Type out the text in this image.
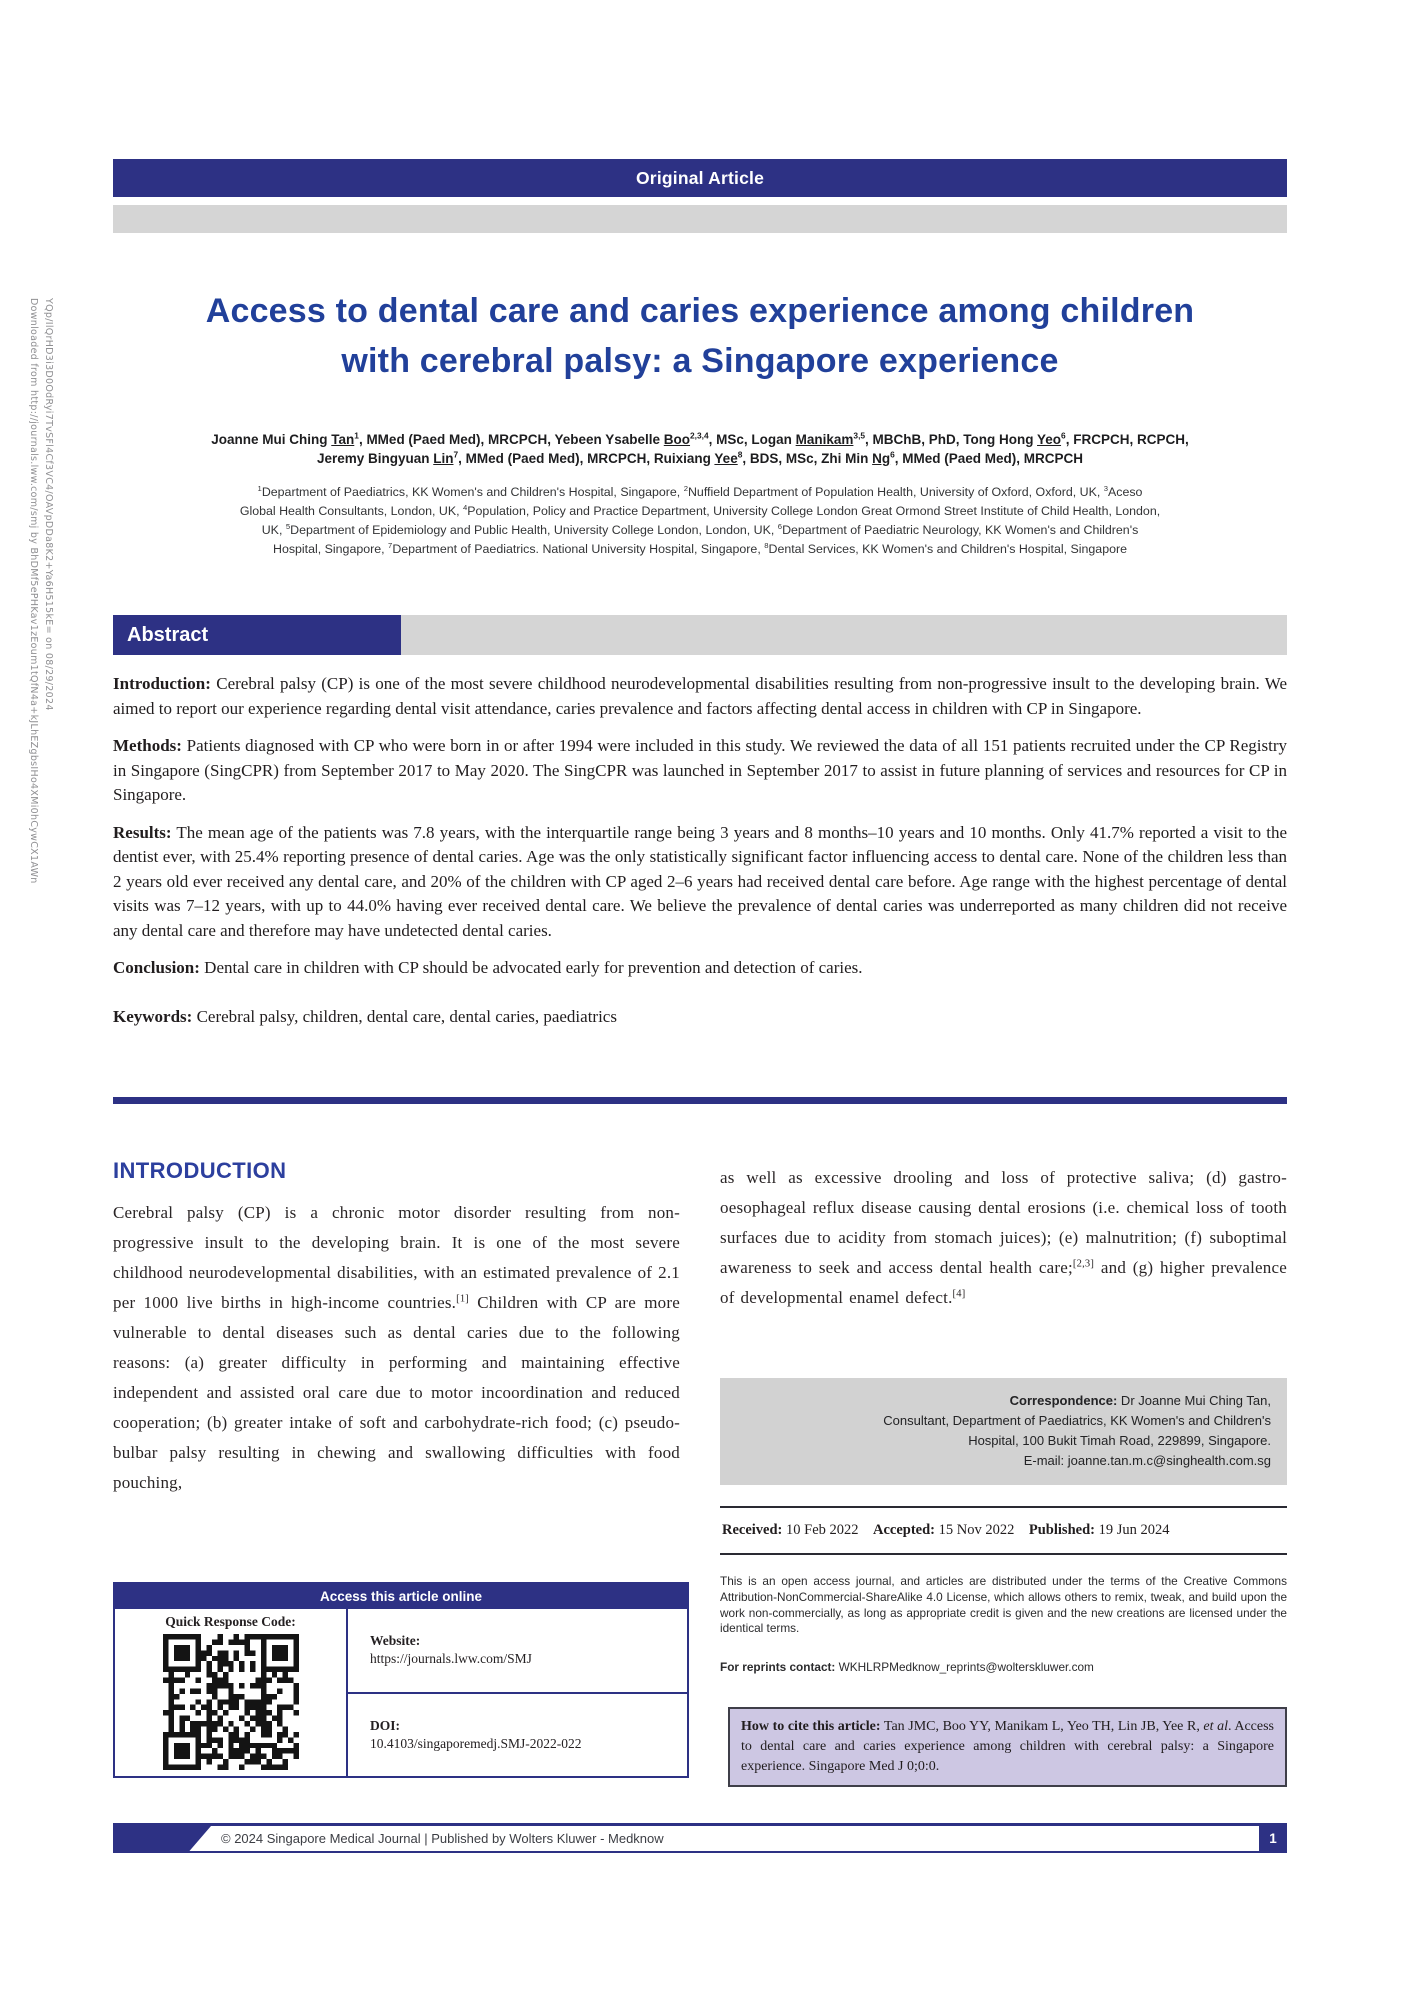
Downloaded from http://journals.lww.com/smj by BhDMf5ePHKav1zEoum1tQfN4a+kJLhEZgbsIHo4XMi0hCywCX1AWn YQp/IlQrHD3i3D0OdRyi7TvSFl4Cf3VC4/OAVpDDa8K2+Ya6H515kE= on 08/29/2024
Original Article
Access to dental care and caries experience among children
with cerebral palsy: a Singapore experience
Joanne Mui Ching Tan$^1$, MMed (Paed Med), MRCPCH, Yebeen Ysabelle Boo$^{2,3,4}$, MSc, Logan Manikam$^{3,5}$, MBChB, PhD, Tong Hong Yeo$^6$, FRCPCH, RCPCH,
Jeremy Bingyuan Lin$^7$, MMed (Paed Med), MRCPCH, Ruixiang Yee$^8$, BDS, MSc, Zhi Min Ng$^6$, MMed (Paed Med), MRCPCH
$^1$Department of Paediatrics, KK Women's and Children's Hospital, Singapore, $^2$Nuffield Department of Population Health, University of Oxford, Oxford, UK, $^3$Aceso
Global Health Consultants, London, UK, $^4$Population, Policy and Practice Department, University College London Great Ormond Street Institute of Child Health, London,
UK, $^5$Department of Epidemiology and Public Health, University College London, London, UK, $^6$Department of Paediatric Neurology, KK Women's and Children's
Hospital, Singapore, $^7$Department of Paediatrics. National University Hospital, Singapore, $^8$Dental Services, KK Women's and Children's Hospital, Singapore
Abstract

Introduction: Cerebral palsy (CP) is one of the most severe childhood neurodevelopmental disabilities resulting from non-progressive insult to the developing brain. We aimed to report our experience regarding dental visit attendance, caries prevalence and factors affecting dental access in children with CP in Singapore.

Methods: Patients diagnosed with CP who were born in or after 1994 were included in this study. We reviewed the data of all 151 patients recruited under the CP Registry in Singapore (SingCPR) from September 2017 to May 2020. The SingCPR was launched in September 2017 to assist in future planning of services and resources for CP in Singapore.

Results: The mean age of the patients was 7.8 years, with the interquartile range being 3 years and 8 months–10 years and 10 months. Only 41.7% reported a visit to the dentist ever, with 25.4% reporting presence of dental caries. Age was the only statistically significant factor influencing access to dental care. None of the children less than 2 years old ever received any dental care, and 20% of the children with CP aged 2–6 years had received dental care before. Age range with the highest percentage of dental visits was 7–12 years, with up to 44.0% having ever received dental care. We believe the prevalence of dental caries was underreported as many children did not receive any dental care and therefore may have undetected dental caries.

Conclusion: Dental care in children with CP should be advocated early for prevention and detection of caries.

Keywords: Cerebral palsy, children, dental care, dental caries, paediatrics

INTRODUCTION
Cerebral palsy (CP) is a chronic motor disorder resulting from non-progressive insult to the developing brain. It is one of the most severe childhood neurodevelopmental disabilities, with an estimated prevalence of 2.1 per 1000 live births in high-income countries.[1] Children with CP are more vulnerable to dental diseases such as dental caries due to the following reasons: (a) greater difficulty in performing and maintaining effective independent and assisted oral care due to motor incoordination and reduced cooperation; (b) greater intake of soft and carbohydrate-rich food; (c) pseudo-bulbar palsy resulting in chewing and swallowing difficulties with food pouching,
as well as excessive drooling and loss of protective saliva; (d) gastro-oesophageal reflux disease causing dental erosions (i.e. chemical loss of tooth surfaces due to acidity from stomach juices); (e) malnutrition; (f) suboptimal awareness to seek and access dental health care;[2,3] and (g) higher prevalence of developmental enamel defect.[4]
Correspondence: Dr Joanne Mui Ching Tan,
Consultant, Department of Paediatrics, KK Women's and Children's
Hospital, 100 Bukit Timah Road, 229899, Singapore.
E-mail: joanne.tan.m.c@singhealth.com.sg
Received: 10 Feb 2022    Accepted: 15 Nov 2022    Published: 19 Jun 2024
This is an open access journal, and articles are distributed under the terms of the Creative Commons Attribution-NonCommercial-ShareAlike 4.0 License, which allows others to remix, tweak, and build upon the work non-commercially, as long as appropriate credit is given and the new creations are licensed under the identical terms.
For reprints contact: WKHLRPMedknow_reprints@wolterskluwer.com
How to cite this article: Tan JMC, Boo YY, Manikam L, Yeo TH, Lin JB, Yee R, et al. Access to dental care and caries experience among children with cerebral palsy: a Singapore experience. Singapore Med J 0;0:0.
Access this article online
Quick Response Code:
Website:
https://journals.lww.com/SMJ
DOI:
10.4103/singaporemedj.SMJ-2022-022
© 2024 Singapore Medical Journal | Published by Wolters Kluwer - Medknow	1
